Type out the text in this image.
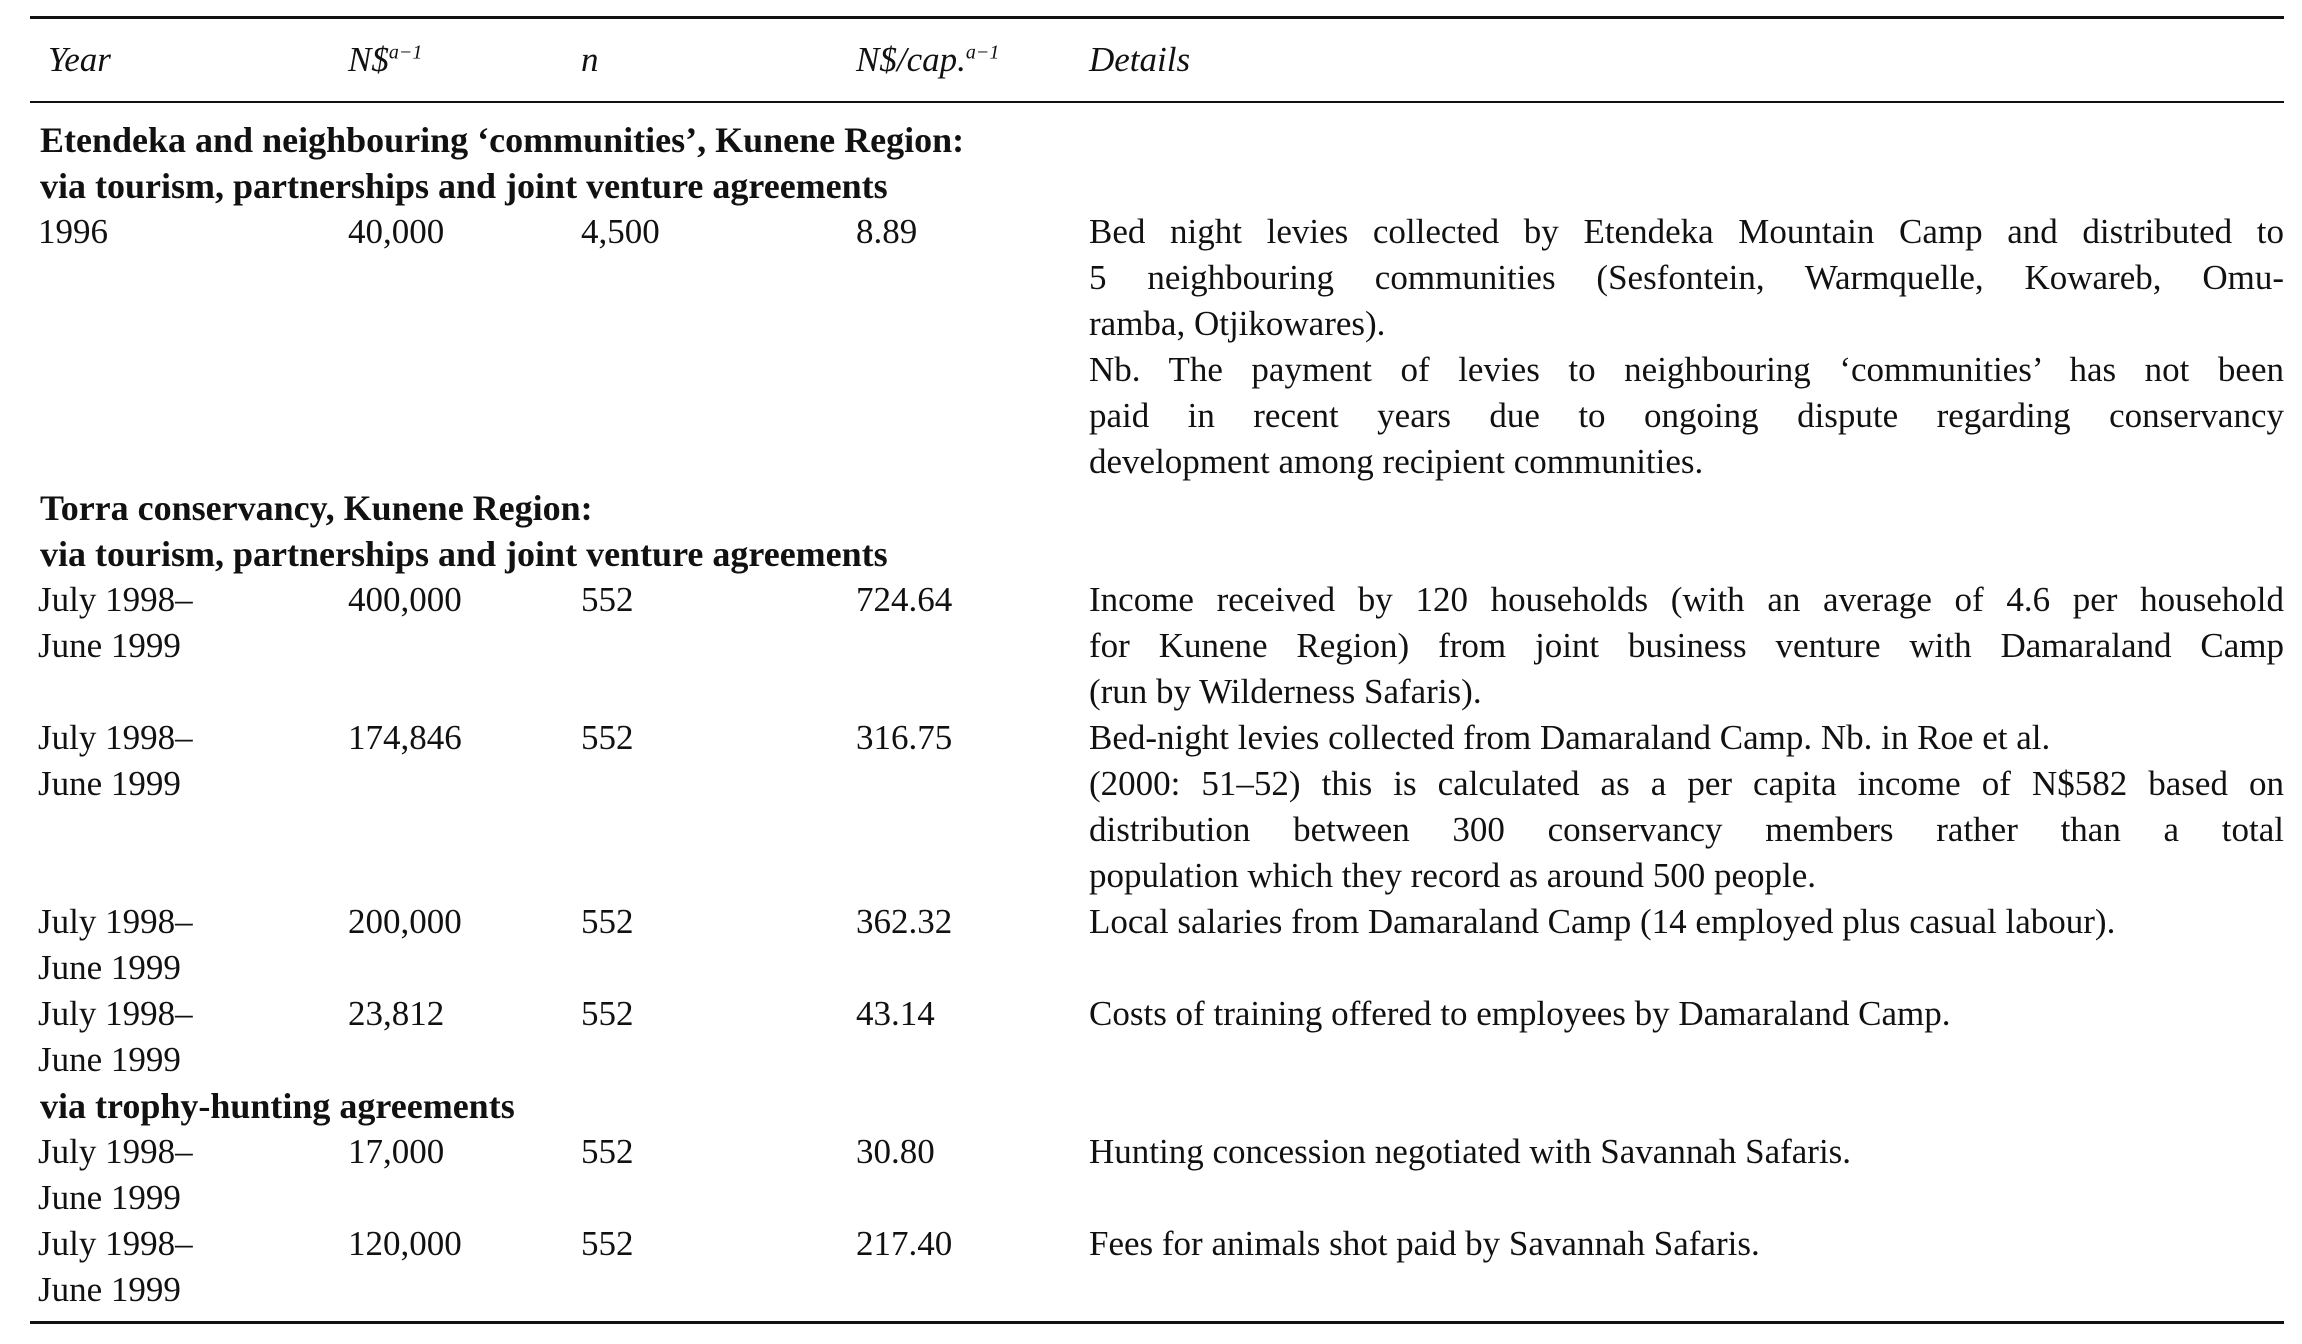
Year	N\$$^{a-1}$	n	N$/cap.$^{a-1}$	Details
Etendeka and neighbouring ‘communities’, Kunene Region:
via tourism, partnerships and joint venture agreements
1996	40,000	4,500	8.89	Bed night levies collected by Etendeka Mountain Camp and distributed to
5 neighbouring communities (Sesfontein, Warmquelle, Kowareb, Omu-
ramba, Otjikowares).
Nb. The payment of levies to neighbouring ‘communities’ has not been
paid in recent years due to ongoing dispute regarding conservancy
development among recipient communities.
Torra conservancy, Kunene Region:
via tourism, partnerships and joint venture agreements
July 1998–
June 1999
400,000	552	724.64	Income received by 120 households (with an average of 4.6 per household
for Kunene Region) from joint business venture with Damaraland Camp
(run by Wilderness Safaris).
July 1998–
June 1999
174,846	552	316.75	Bed-night levies collected from Damaraland Camp. Nb. in Roe et al.
(2000: 51–52) this is calculated as a per capita income of N$582 based on
distribution between 300 conservancy members rather than a total
population which they record as around 500 people.
July 1998–
June 1999
200,000	552	362.32	Local salaries from Damaraland Camp (14 employed plus casual labour).
July 1998–
June 1999
23,812	552	43.14	Costs of training offered to employees by Damaraland Camp.
via trophy-hunting agreements
July 1998–
June 1999
17,000	552	30.80	Hunting concession negotiated with Savannah Safaris.
July 1998–
June 1999
120,000	552	217.40	Fees for animals shot paid by Savannah Safaris.
